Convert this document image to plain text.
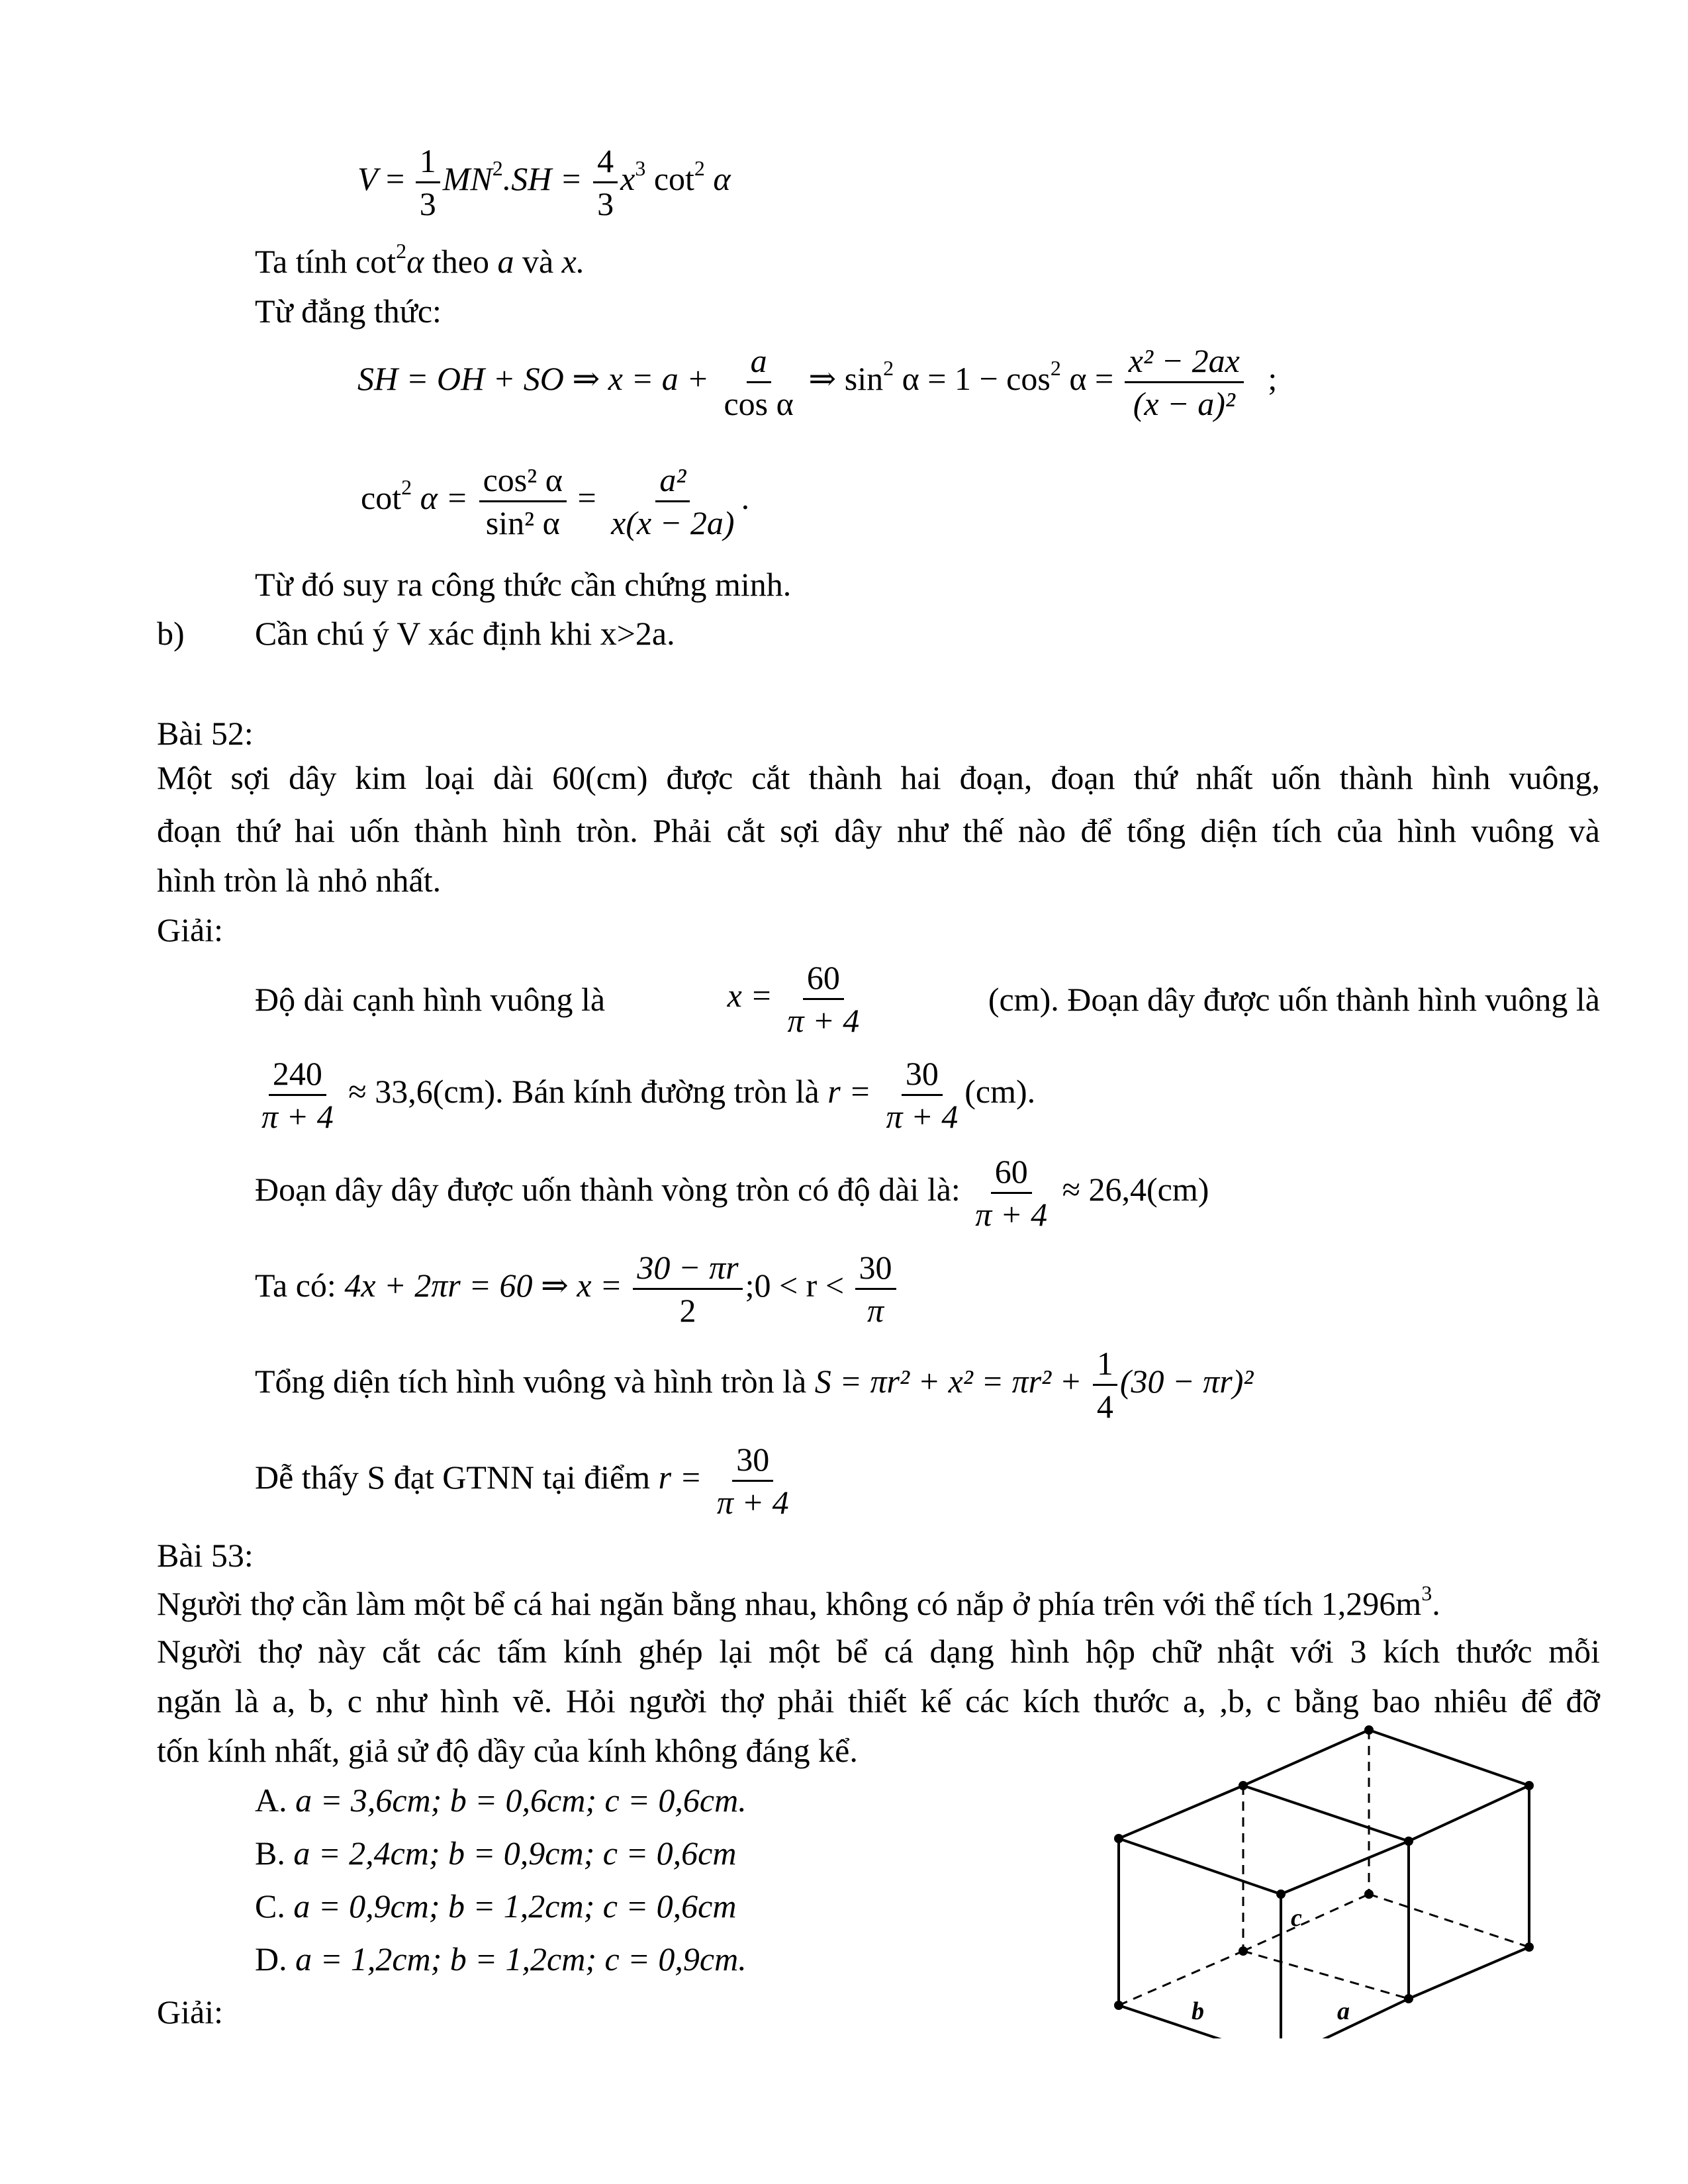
$V = \frac{1}{3} MN^2.SH = \frac{4}{3} x^3$ $\cot^2 \alpha$
Ta tính $\cot^2\alpha$ theo a và x.
Từ đẳng thức:
SH = OH + SO ⇒ $x = a + \frac{a}{\text{cos α}}$ ⇒ $\sin^2 \alpha = 1 - \cos^2 \alpha = \frac{\text{x² − 2ax}}{\text{(x − a)²}}$ ;
$\cot^2 \alpha = \frac{\text{cos² α}}{\text{sin² α}} = \frac{\text{a²}}{x(x - 2a)}$ .
Từ đó suy ra công thức cần chứng minh.
b) Cần chú ý V xác định khi x>2a.
Bài 52:
Một sợi dây kim loại dài 60(cm) được cắt thành hai đoạn, đoạn thứ nhất uốn thành hình vuông,
đoạn thứ hai uốn thành hình tròn. Phải cắt sợi dây như thế nào để tổng diện tích của hình vuông và
hình tròn là nhỏ nhất.
Giải:
Độ dài cạnh hình vuông là	$x = \frac{60}{\pi + 4}$	(cm). Đoạn dây được uốn thành hình vuông là
$\frac{240}{\pi + 4} \approx 33,6(cm)$. Bán kính đường tròn là $r = \frac{30}{\pi + 4} (cm)$.
Đoạn dây dây được uốn thành vòng tròn có độ dài là: $\frac{60}{\pi + 4} \approx 26,4(cm)$
Ta có: 4x + 2πr = 60 ⇒ $x = \frac{30 - \pi r}{2}$ ;0 < $r < \frac{30}{\pi}$
Tổng diện tích hình vuông và hình tròn là $S = \pi r^2 + x^2 = \pi r^2 + \frac{1}{4} (30 - \pi r)^2$
Dễ thấy S đạt GTNN tại điểm $r = \frac{30}{\pi + 4}$
Bài 53:
Người thợ cần làm một bể cá hai ngăn bằng nhau, không có nắp ở phía trên với thể tích $1,296m^3$.
Người thợ này cắt các tấm kính ghép lại một bể cá dạng hình hộp chữ nhật với 3 kích thước mỗi
ngăn là a, b, c như hình vẽ. Hỏi người thợ phải thiết kế các kích thước a, ,b, c bằng bao nhiêu để đỡ
tốn kính nhất, giả sử độ dầy của kính không đáng kể.
A. a = 3,6cm; b = 0,6cm; c = 0,6cm.
B. a = 2,4cm; b = 0,9cm; c = 0,6cm
C. a = 0,9cm; b = 1,2cm; c = 0,6cm
D. a = 1,2cm; b = 1,2cm; c = 0,9cm.
Giải:
c
b	a
